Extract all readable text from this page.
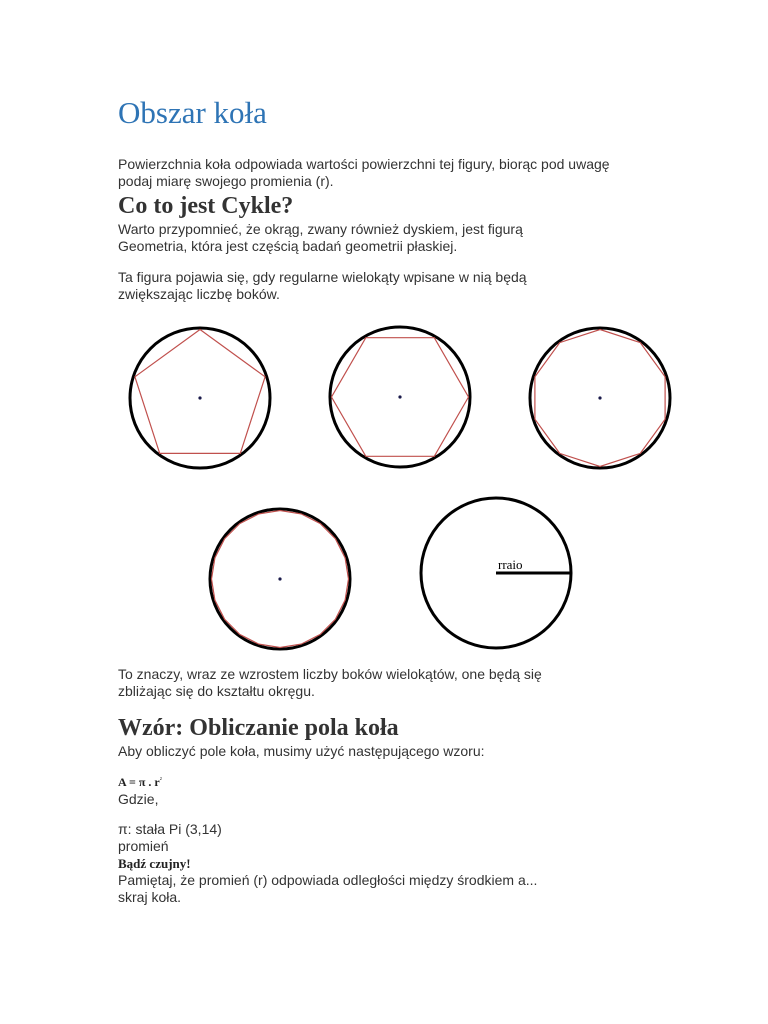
Obszar koła

Powierzchnia koła odpowiada wartości powierzchni tej figury, biorąc pod uwagę
podaj miarę swojego promienia (r).

Co to jest Cykle?

Warto przypomnieć, że okrąg, zwany również dyskiem, jest figurą
Geometria, która jest częścią badań geometrii płaskiej.

Ta figura pojawia się, gdy regularne wielokąty wpisane w nią będą
zwiększając liczbę boków.

rraio

To znaczy, wraz ze wzrostem liczby boków wielokątów, one będą się
zbliżając się do kształtu okręgu.

Wzór: Obliczanie pola koła

Aby obliczyć pole koła, musimy użyć następującego wzoru:

A = π . $r^{^2}$

Gdzie,

π: stała Pi (3,14)
promień
Bądź czujny!
Pamiętaj, że promień (r) odpowiada odległości między środkiem a...
skraj koła.
